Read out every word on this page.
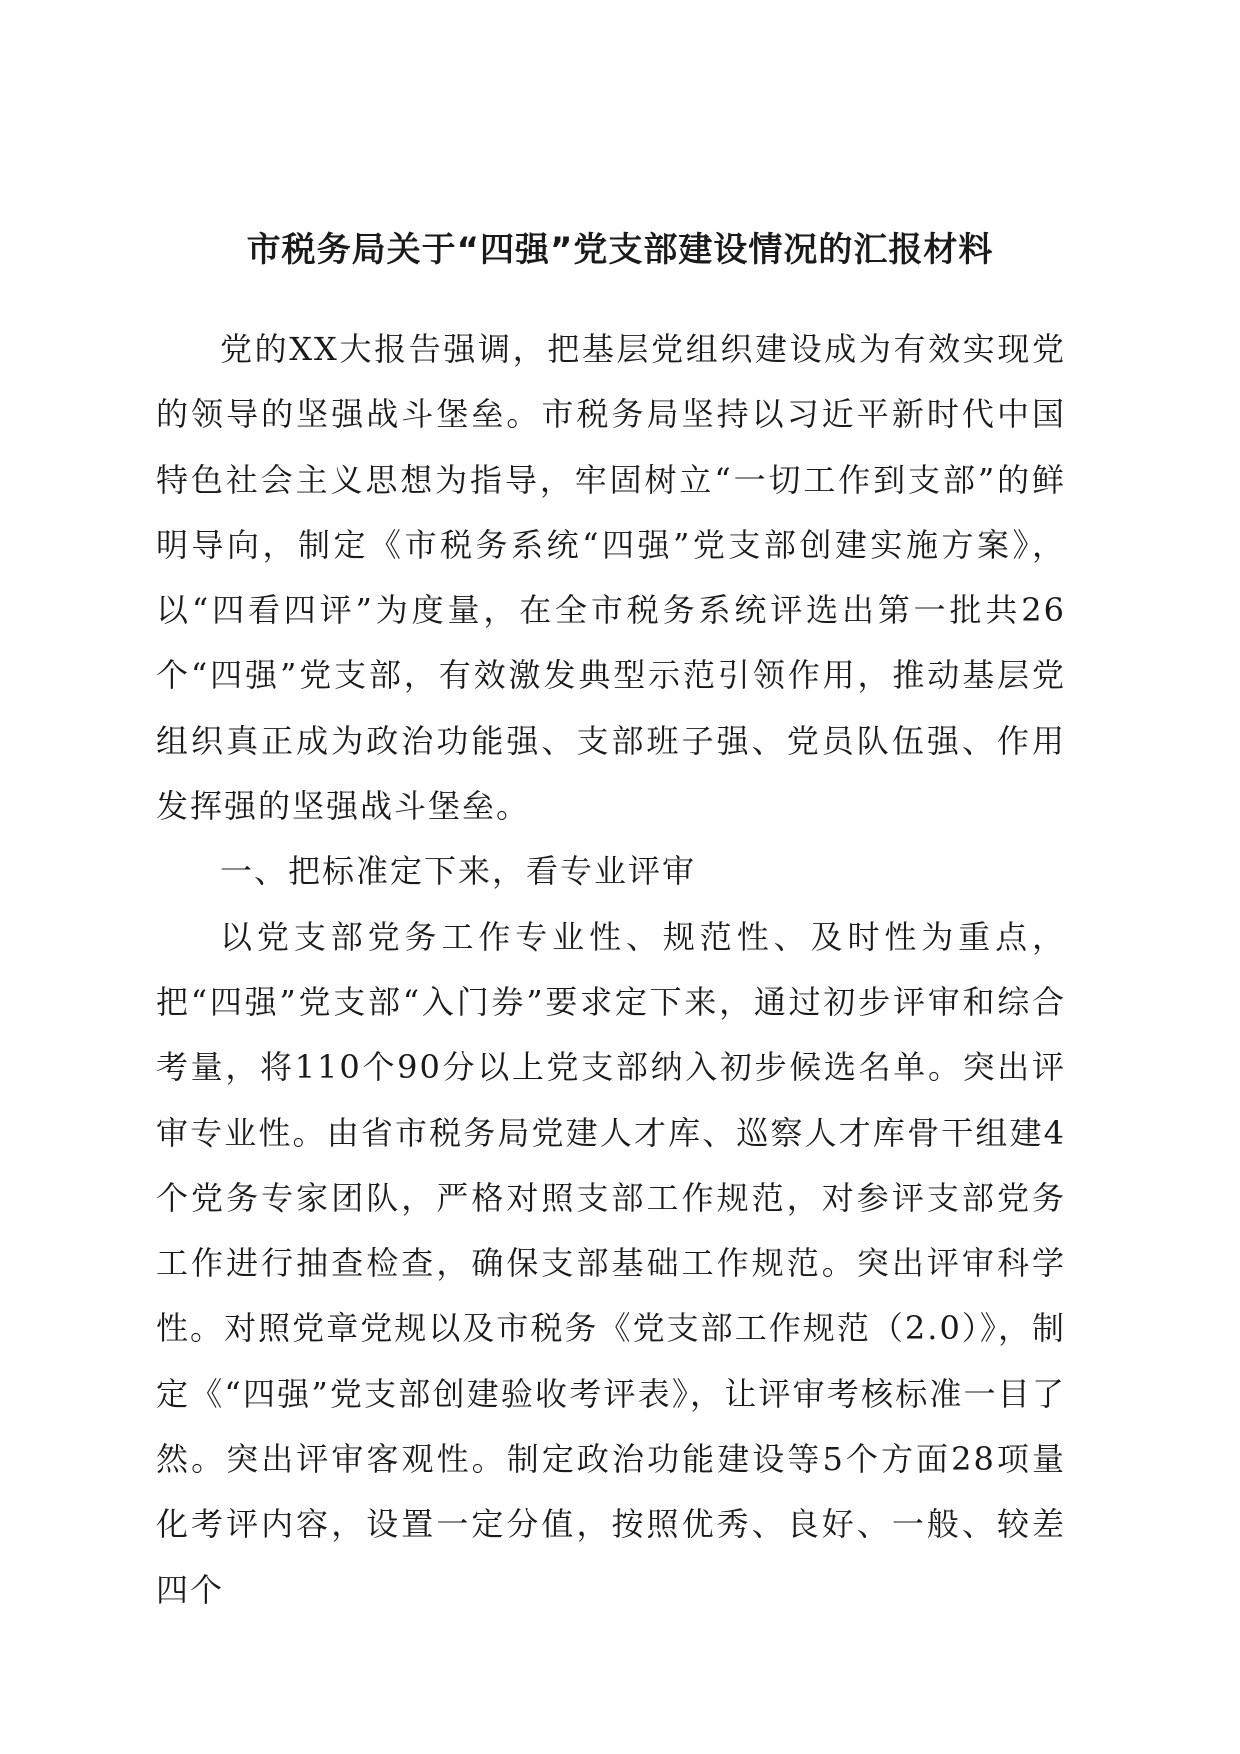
市税务局关于“四强”党支部建设情况的汇报材料

党的XX大报告强调，把基层党组织建设成为有效实现党的领导的坚强战斗堡垒。市税务局坚持以习近平新时代中国特色社会主义思想为指导，牢固树立“一切工作到支部”的鲜明导向，制定《市税务系统“四强”党支部创建实施方案》，以“四看四评”为度量，在全市税务系统评选出第一批共26个“四强”党支部，有效激发典型示范引领作用，推动基层党组织真正成为政治功能强、支部班子强、党员队伍强、作用发挥强的坚强战斗堡垒。

一、把标准定下来，看专业评审

以党支部党务工作专业性、规范性、及时性为重点，把“四强”党支部“入门券”要求定下来，通过初步评审和综合考量，将110个90分以上党支部纳入初步候选名单。突出评审专业性。由省市税务局党建人才库、巡察人才库骨干组建4个党务专家团队，严格对照支部工作规范，对参评支部党务工作进行抽查检查，确保支部基础工作规范。突出评审科学性。对照党章党规以及市税务《党支部工作规范（2.0）》，制定《“四强”党支部创建验收考评表》，让评审考核标准一目了然。突出评审客观性。制定政治功能建设等5个方面28项量化考评内容，设置一定分值，按照优秀、良好、一般、较差四个
